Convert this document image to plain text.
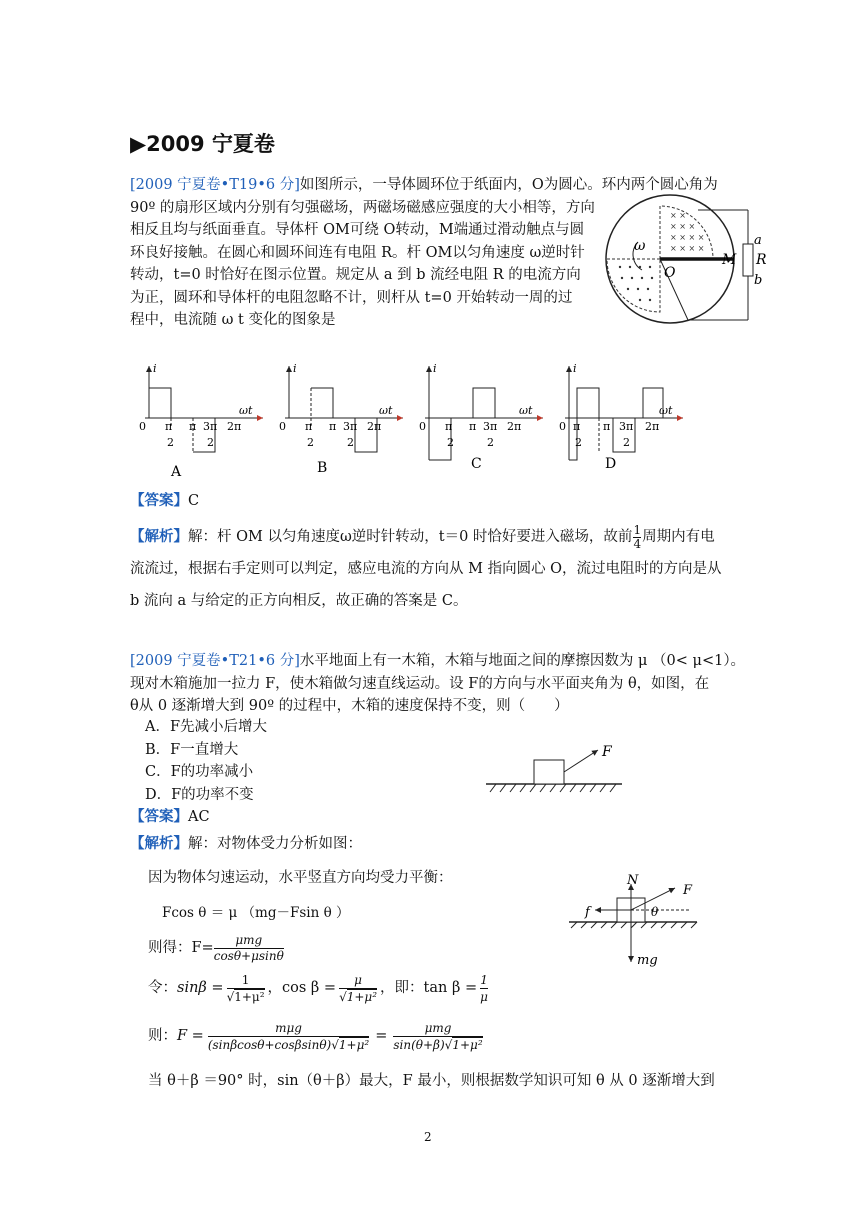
▶2009 宁夏卷
[2009 宁夏卷•T19•6 分]如图所示，一导体圆环位于纸面内，O为圆心。环内两个圆心角为
90º 的扇形区域内分别有匀强磁场，两磁场磁感应强度的大小相等，方向
相反且均与纸面垂直。导体杆 OM可绕 O转动，M端通过滑动触点与圆
环良好接触。在圆心和圆环间连有电阻 R。杆 OM以匀角速度 ω逆时针
转动，t=0 时恰好在图示位置。规定从 a 到 b 流经电阻 R 的电流方向
为正，圆环和导体杆的电阻忽略不计，则杆从 t=0 开始转动一周的过
程中，电流随 ω t 变化的图象是
× ×
× × ×
× × × ×
× × × ×
ω
O
M
a
R
b
i
ωt
0 π
2
π 3π
2
2π
i
ωt
0 π
2
π 3π
2
2π
i
ωt
0 π
2
π 3π
2
2π
i
ωt
0 π
2
π 3π
2
2π
A	B	C	D
【答案】C
【解析】解：杆 OM 以匀角速度ω逆时针转动，t＝0 时恰好要进入磁场，故前 $\frac{1}{4}$ 周期内有电
流流过，根据右手定则可以判定，感应电流的方向从 M 指向圆心 O，流过电阻时的方向是从
b 流向 a 与给定的正方向相反，故正确的答案是 C。
[2009 宁夏卷•T21•6 分]水平地面上有一木箱，木箱与地面之间的摩擦因数为 μ （0< μ<1）。
现对木箱施加一拉力 F，使木箱做匀速直线运动。设 F的方向与水平面夹角为 θ，如图，在
θ从 0 逐渐增大到 90º 的过程中，木箱的速度保持不变，则（　　）
A．F先减小后增大
B．F一直增大
C．F的功率减小
D．F的功率不变
F
【答案】AC
【解析】解：对物体受力分析如图：
因为物体匀速运动，水平竖直方向均受力平衡：
Fcos θ ＝ μ （mg－Fsin θ ）
N
F
f	θ
mg
则得：F=
μmg
cosθ+μsinθ
令： $\sin\beta = \frac{1}{\text{√1+μ²}}$ ，$\cos \beta = \frac{\mu}{\text{√1+μ²}}$ ，即：$\tan \beta = \frac{1}{\mu}$
则： F =
mμg
(sinβcosθ+cosβsinθ)√1+μ²
=
μmg
sin(θ+β)√1+μ²
当 θ＋β ＝90° 时，sin（θ＋β）最大，F 最小，则根据数学知识可知 θ 从 0 逐渐增大到
2
